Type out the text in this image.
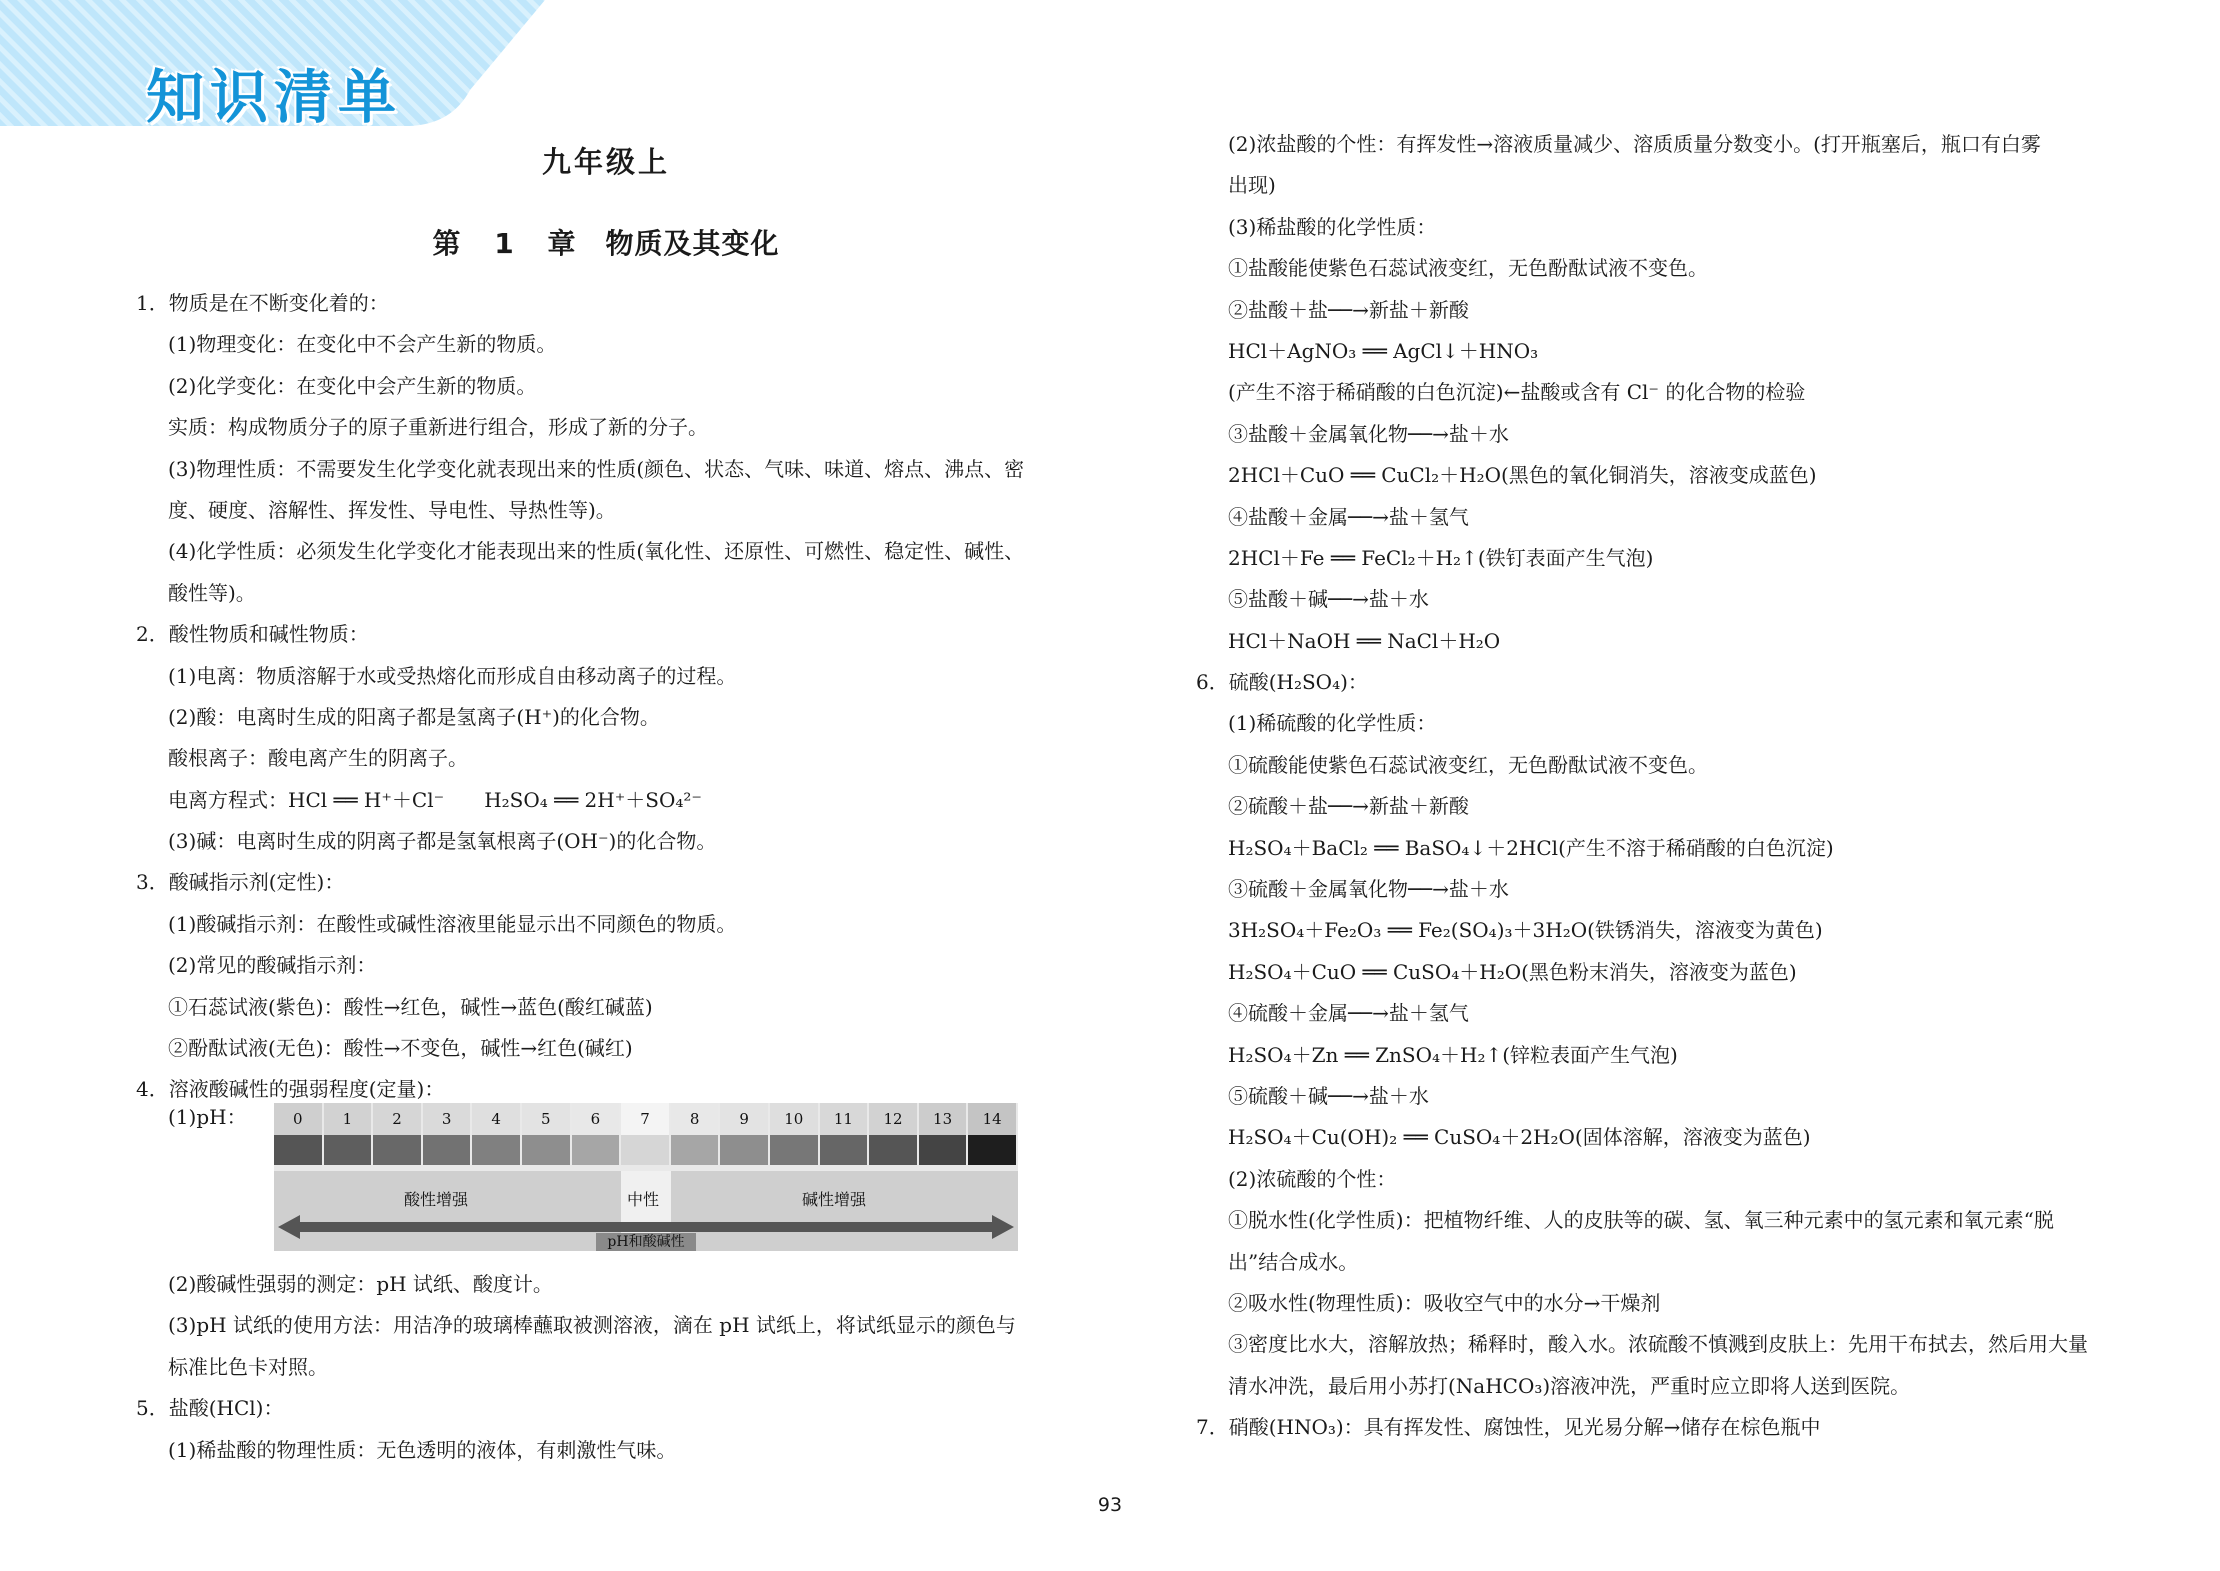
知识清单
九年级上
第 1 章　物质及其变化
1．物质是在不断变化着的：
(1)物理变化：在变化中不会产生新的物质。
(2)化学变化：在变化中会产生新的物质。
实质：构成物质分子的原子重新进行组合，形成了新的分子。
(3)物理性质：不需要发生化学变化就表现出来的性质(颜色、状态、气味、味道、熔点、沸点、密
度、硬度、溶解性、挥发性、导电性、导热性等)。
(4)化学性质：必须发生化学变化才能表现出来的性质(氧化性、还原性、可燃性、稳定性、碱性、
酸性等)。
2．酸性物质和碱性物质：
(1)电离：物质溶解于水或受热熔化而形成自由移动离子的过程。
(2)酸：电离时生成的阳离子都是氢离子(H⁺)的化合物。
酸根离子：酸电离产生的阴离子。
电离方程式：HCl ══ H⁺＋Cl⁻　　H₂SO₄ ══ 2H⁺＋SO₄²⁻
(3)碱：电离时生成的阴离子都是氢氧根离子(OH⁻)的化合物。
3．酸碱指示剂(定性)：
(1)酸碱指示剂：在酸性或碱性溶液里能显示出不同颜色的物质。
(2)常见的酸碱指示剂：
①石蕊试液(紫色)：酸性→红色，碱性→蓝色(酸红碱蓝)
②酚酞试液(无色)：酸性→不变色，碱性→红色(碱红)
4．溶液酸碱性的强弱程度(定量)：
(1)pH：
酸性增强	中性	碱性增强
pH和酸碱性
0	1	2	3	4	5	6	7	8	9	10	11	12	13	14
(2)酸碱性强弱的测定：pH 试纸、酸度计。
(3)pH 试纸的使用方法：用洁净的玻璃棒蘸取被测溶液，滴在 pH 试纸上，将试纸显示的颜色与
标准比色卡对照。
5．盐酸(HCl)：
(1)稀盐酸的物理性质：无色透明的液体，有刺激性气味。
(2)浓盐酸的个性：有挥发性→溶液质量减少、溶质质量分数变小。(打开瓶塞后，瓶口有白雾
出现)
(3)稀盐酸的化学性质：
①盐酸能使紫色石蕊试液变红，无色酚酞试液不变色。
②盐酸＋盐──→新盐＋新酸
HCl＋AgNO₃ ══ AgCl↓＋HNO₃
(产生不溶于稀硝酸的白色沉淀)←盐酸或含有 Cl⁻ 的化合物的检验
③盐酸＋金属氧化物──→盐＋水
2HCl＋CuO ══ CuCl₂＋H₂O(黑色的氧化铜消失，溶液变成蓝色)
④盐酸＋金属──→盐＋氢气
2HCl＋Fe ══ FeCl₂＋H₂↑(铁钉表面产生气泡)
⑤盐酸＋碱──→盐＋水
HCl＋NaOH ══ NaCl＋H₂O
6．硫酸(H₂SO₄)：
(1)稀硫酸的化学性质：
①硫酸能使紫色石蕊试液变红，无色酚酞试液不变色。
②硫酸＋盐──→新盐＋新酸
H₂SO₄＋BaCl₂ ══ BaSO₄↓＋2HCl(产生不溶于稀硝酸的白色沉淀)
③硫酸＋金属氧化物──→盐＋水
3H₂SO₄＋Fe₂O₃ ══ Fe₂(SO₄)₃＋3H₂O(铁锈消失，溶液变为黄色)
H₂SO₄＋CuO ══ CuSO₄＋H₂O(黑色粉末消失，溶液变为蓝色)
④硫酸＋金属──→盐＋氢气
H₂SO₄＋Zn ══ ZnSO₄＋H₂↑(锌粒表面产生气泡)
⑤硫酸＋碱──→盐＋水
H₂SO₄＋Cu(OH)₂ ══ CuSO₄＋2H₂O(固体溶解，溶液变为蓝色)
(2)浓硫酸的个性：
①脱水性(化学性质)：把植物纤维、人的皮肤等的碳、氢、氧三种元素中的氢元素和氧元素“脱
出”结合成水。
②吸水性(物理性质)：吸收空气中的水分→干燥剂
③密度比水大，溶解放热；稀释时，酸入水。浓硫酸不慎溅到皮肤上：先用干布拭去，然后用大量
清水冲洗，最后用小苏打(NaHCO₃)溶液冲洗，严重时应立即将人送到医院。
7．硝酸(HNO₃)：具有挥发性、腐蚀性，见光易分解→储存在棕色瓶中
93
